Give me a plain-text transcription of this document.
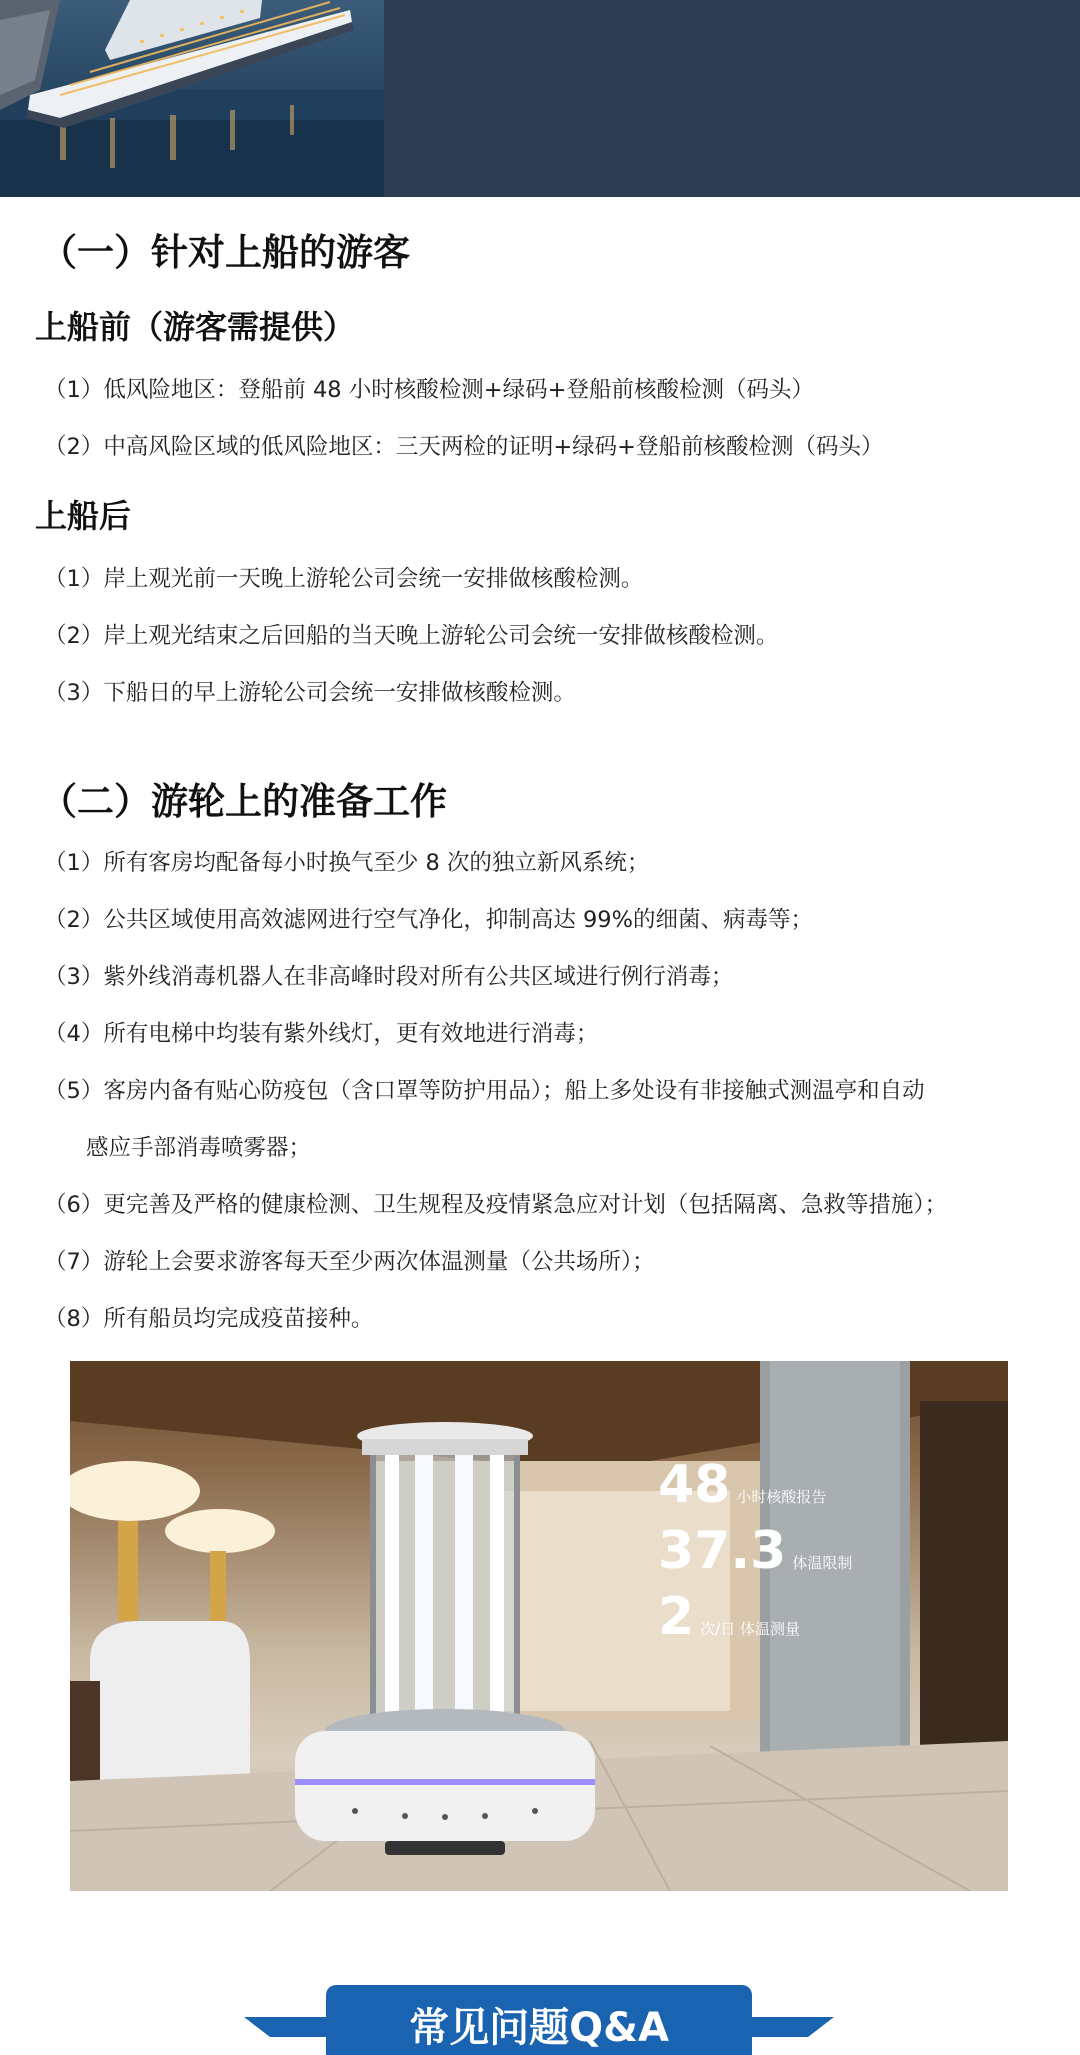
（一）针对上船的游客
上船前（游客需提供）
（1）低风险地区：登船前 48 小时核酸检测+绿码+登船前核酸检测（码头）
（2）中高风险区域的低风险地区：三天两检的证明+绿码+登船前核酸检测（码头）
上船后
（1）岸上观光前一天晚上游轮公司会统一安排做核酸检测。
（2）岸上观光结束之后回船的当天晚上游轮公司会统一安排做核酸检测。
（3）下船日的早上游轮公司会统一安排做核酸检测。
（二）游轮上的准备工作
（1）所有客房均配备每小时换气至少 8 次的独立新风系统；
（2）公共区域使用高效滤网进行空气净化，抑制高达 99%的细菌、病毒等；
（3）紫外线消毒机器人在非高峰时段对所有公共区域进行例行消毒；
（4）所有电梯中均装有紫外线灯，更有效地进行消毒；
（5）客房内备有贴心防疫包（含口罩等防护用品）；船上多处设有非接触式测温亭和自动
感应手部消毒喷雾器；
（6）更完善及严格的健康检测、卫生规程及疫情紧急应对计划（包括隔离、急救等措施）；
（7）游轮上会要求游客每天至少两次体温测量（公共场所）；
（8）所有船员均完成疫苗接种。
48 小时核酸报告
37.3 体温限制
2 次/日 体温测量
常见问题Q&A
